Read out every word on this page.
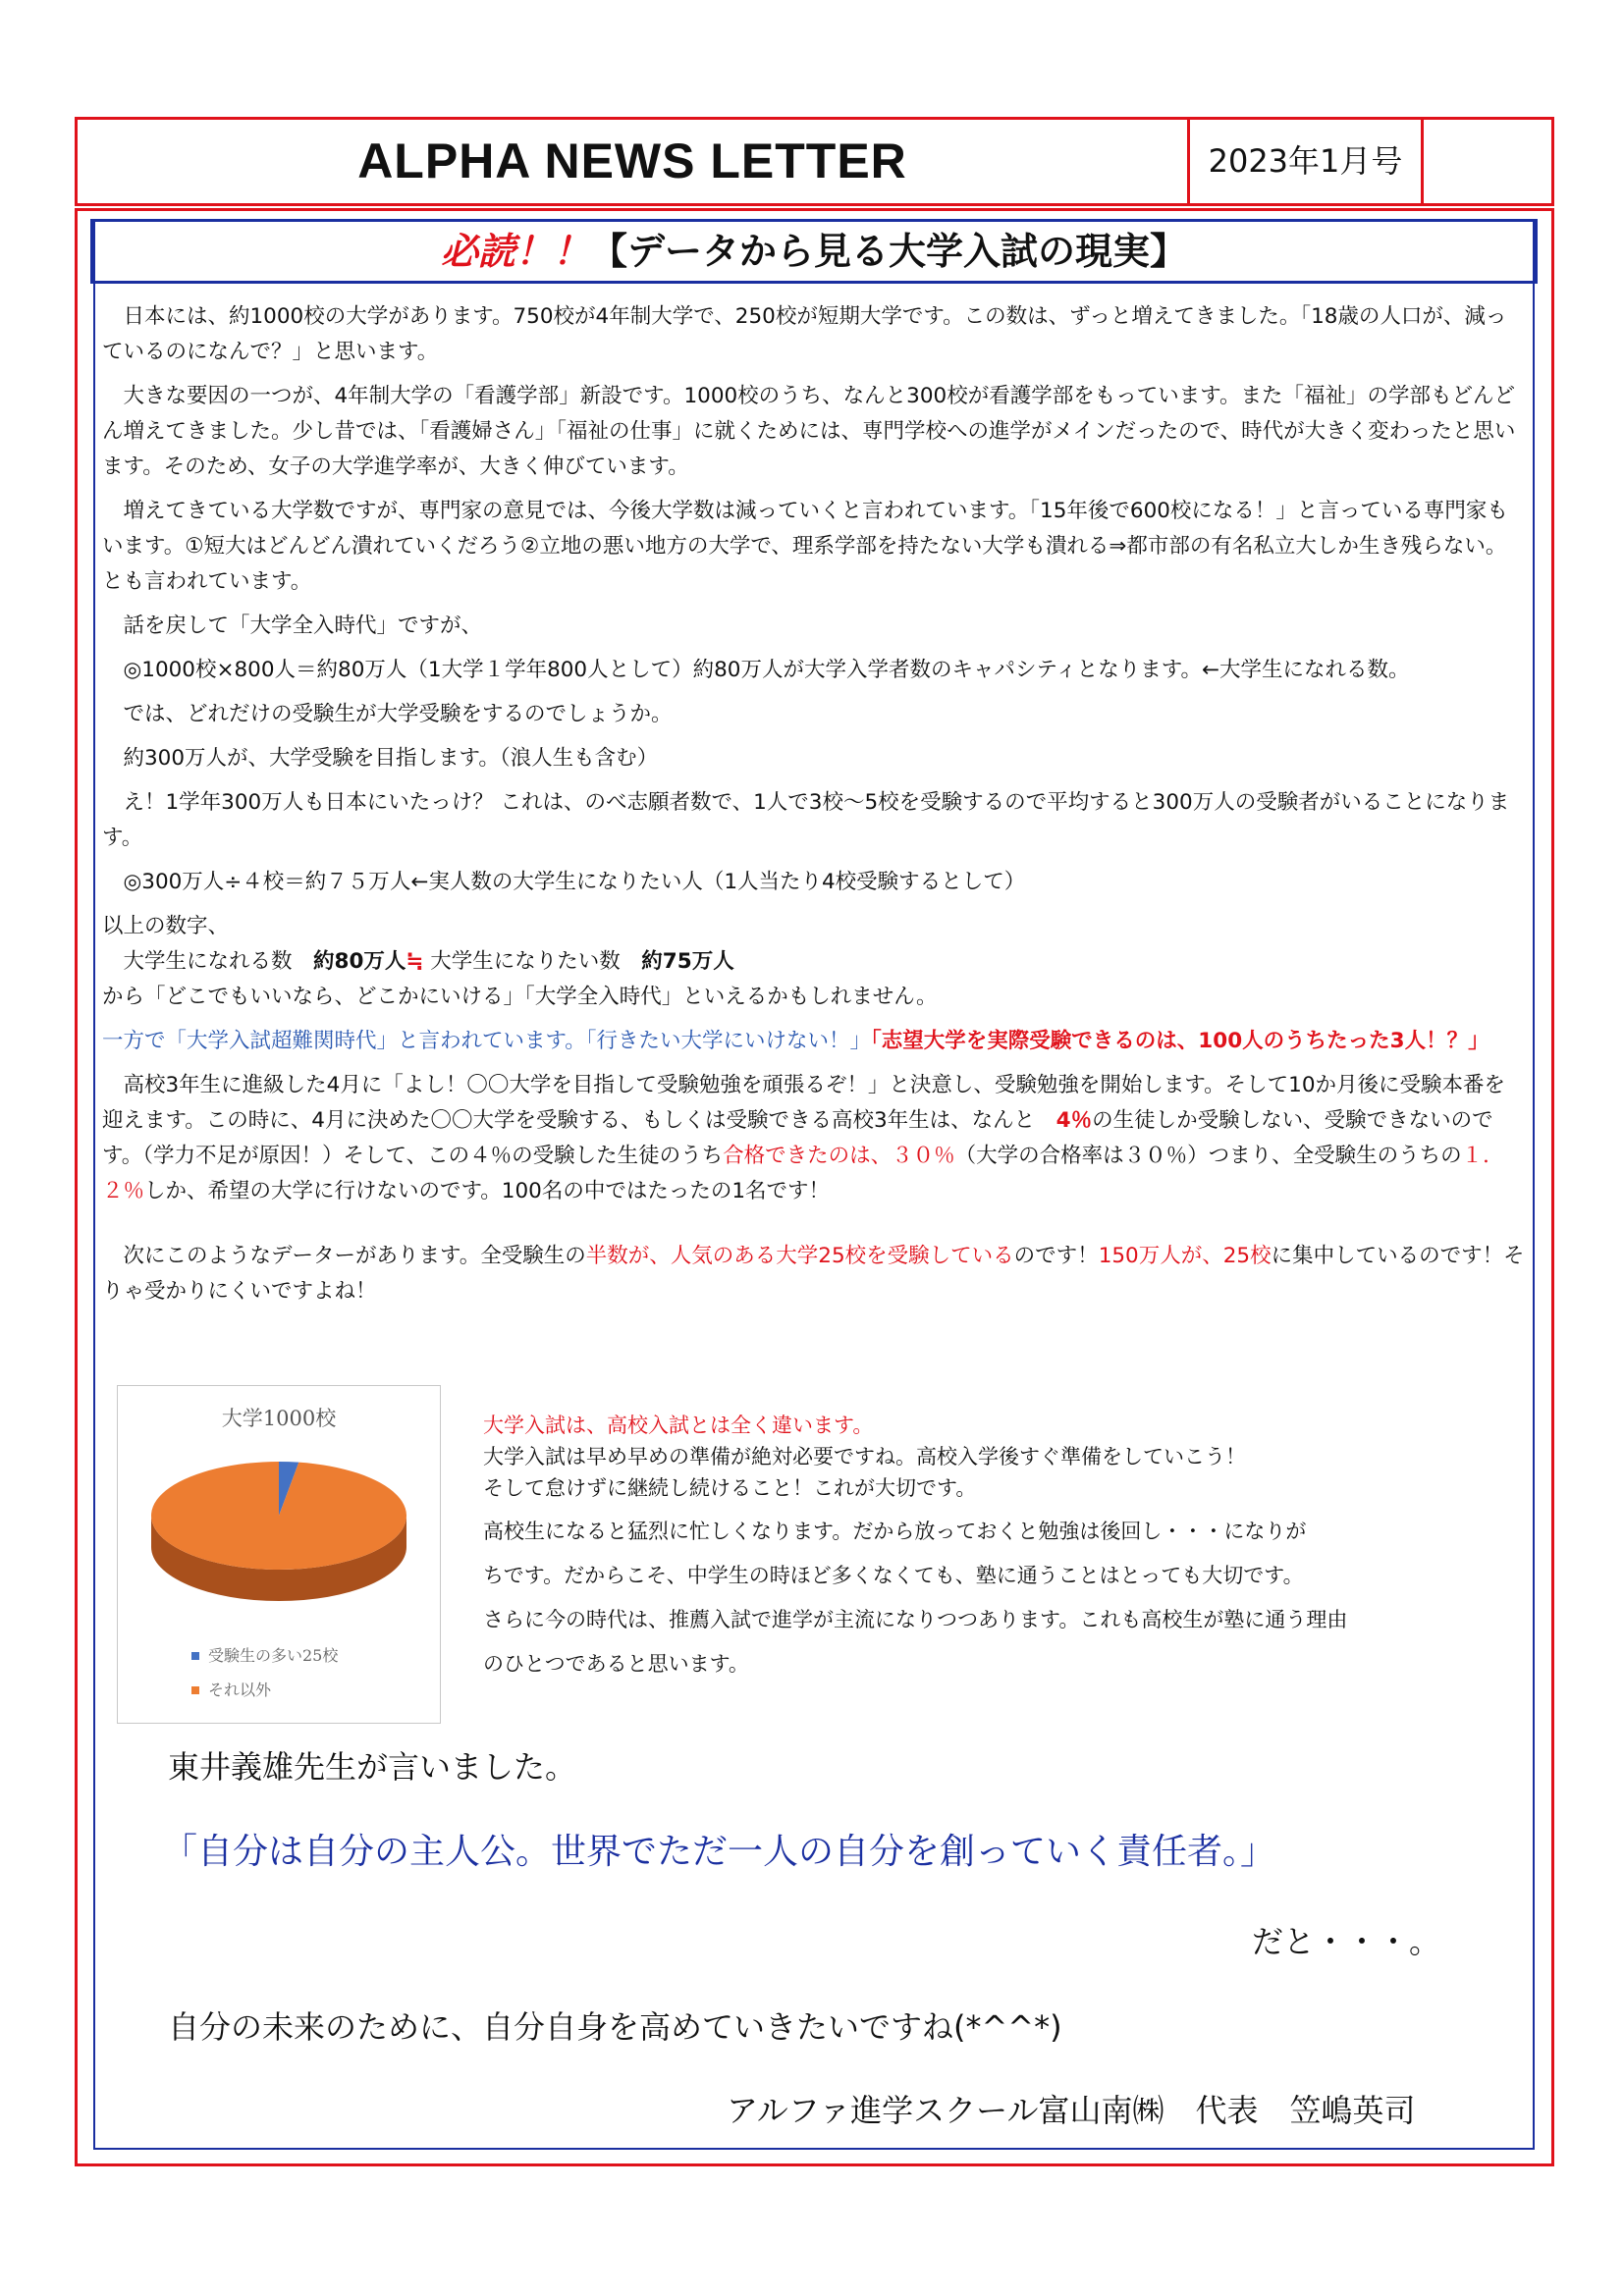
ALPHA NEWS LETTER	2023年1月号
必読！！【データから見る大学入試の現実】

日本には、約1000校の大学があります。750校が4年制大学で、250校が短期大学です。この数は、ずっと増えてきました。「18歳の人口が、減っているのになんで？」と思います。

大きな要因の一つが、4年制大学の「看護学部」新設です。1000校のうち、なんと300校が看護学部をもっています。また「福祉」の学部もどんどん増えてきました。少し昔では、「看護婦さん」「福祉の仕事」に就くためには、専門学校への進学がメインだったので、時代が大きく変わったと思います。そのため、女子の大学進学率が、大きく伸びています。

増えてきている大学数ですが、専門家の意見では、今後大学数は減っていくと言われています。「15年後で600校になる！」と言っている専門家もいます。①短大はどんどん潰れていくだろう②立地の悪い地方の大学で、理系学部を持たない大学も潰れる⇒都市部の有名私立大しか生き残らない。とも言われています。

話を戻して「大学全入時代」ですが、

◎1000校×800人＝約80万人（1大学１学年800人として）約80万人が大学入学者数のキャパシティとなります。←大学生になれる数。

では、どれだけの受験生が大学受験をするのでしょうか。

約300万人が、大学受験を目指します。（浪人生も含む）

え！1学年300万人も日本にいたっけ？ これは、のべ志願者数で、1人で3校～5校を受験するので平均すると300万人の受験者がいることになります。

◎300万人÷４校＝約７５万人←実人数の大学生になりたい人（1人当たり4校受験するとして）

以上の数字、
大学生になれる数　約80万人≒ 大学生になりたい数　約75万人
から「どこでもいいなら、どこかにいける」「大学全入時代」といえるかもしれません。

一方で「大学入試超難関時代」と言われています。「行きたい大学にいけない！」「志望大学を実際受験できるのは、100人のうちたった3人！？」

高校3年生に進級した4月に「よし！〇〇大学を目指して受験勉強を頑張るぞ！」と決意し、受験勉強を開始します。そして10か月後に受験本番を迎えます。この時に、4月に決めた〇〇大学を受験する、もしくは受験できる高校3年生は、なんと　4％の生徒しか受験しない、受験できないのです。（学力不足が原因！）そして、この４％の受験した生徒のうち合格できたのは、３０％（大学の合格率は３０％）つまり、全受験生のうちの１．２％しか、希望の大学に行けないのです。100名の中ではたったの1名です！

次にこのようなデーターがあります。全受験生の半数が、人気のある大学25校を受験しているのです！150万人が、25校に集中しているのです！そりゃ受かりにくいですよね！

大学1000校
受験生の多い25校
それ以外

大学入試は、高校入試とは全く違います。

大学入試は早め早めの準備が絶対必要ですね。高校入学後すぐ準備をしていこう！

そして怠けずに継続し続けること！これが大切です。

高校生になると猛烈に忙しくなります。だから放っておくと勉強は後回し・・・になりが

ちです。だからこそ、中学生の時ほど多くなくても、塾に通うことはとっても大切です。

さらに今の時代は、推薦入試で進学が主流になりつつあります。これも高校生が塾に通う理由

のひとつであると思います。

東井義雄先生が言いました。
「自分は自分の主人公。世界でただ一人の自分を創っていく責任者。」
だと・・・。
自分の未来のために、自分自身を高めていきたいですね(*^^*)
アルファ進学スクール富山南㈱　代表　笠嶋英司
